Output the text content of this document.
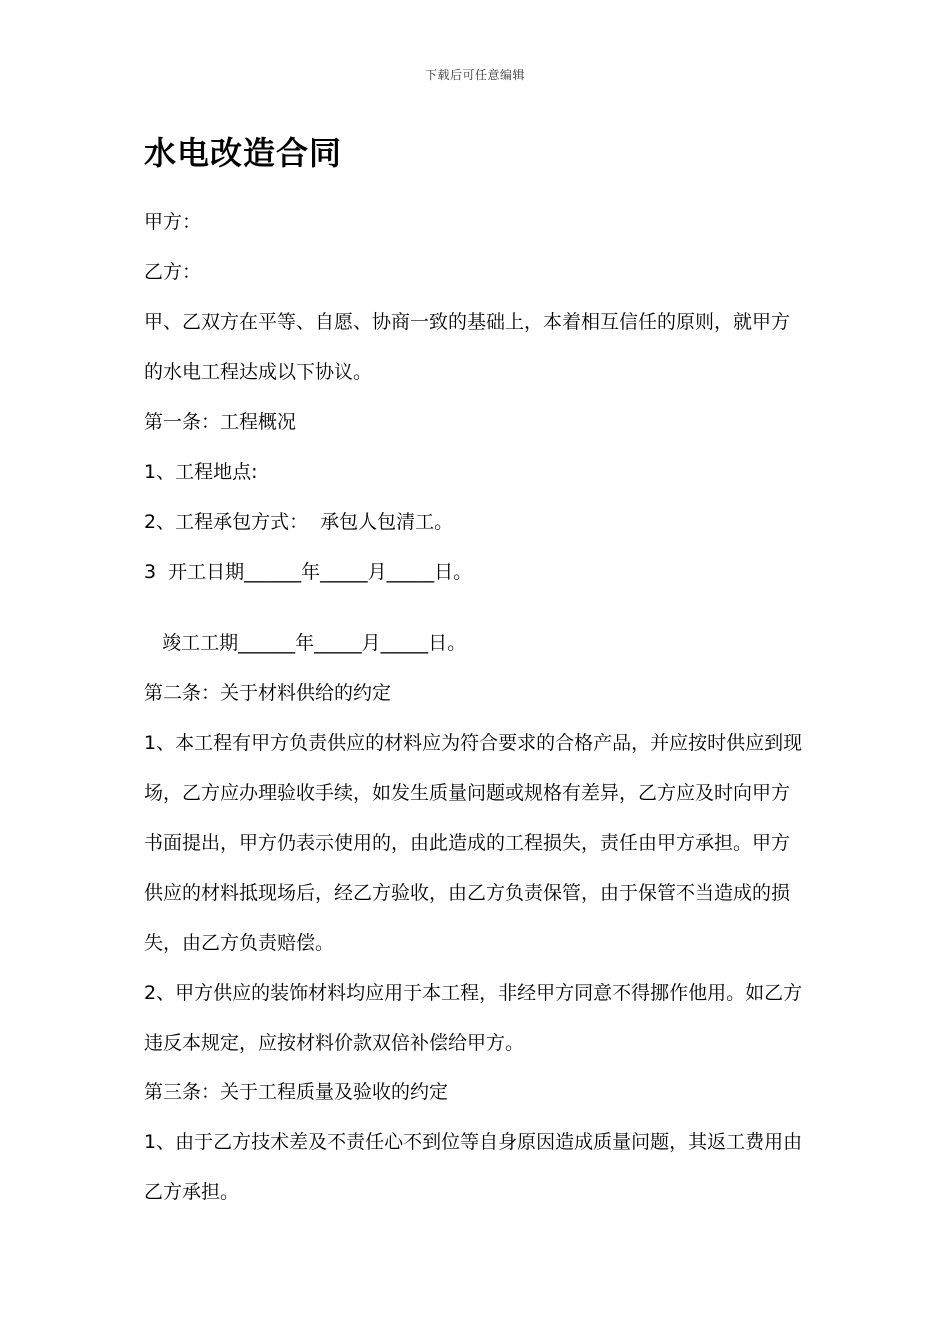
下载后可任意编辑
水电改造合同

甲方：

乙方：

甲、乙双方在平等、自愿、协商一致的基础上，本着相互信任的原则，就甲方

的水电工程达成以下协议。

第一条：工程概况

1、工程地点:

2、工程承包方式：  承包人包清工。

3  开工日期______年_____月_____日。

竣工工期______年_____月_____日。

第二条：关于材料供给的约定

1、本工程有甲方负责供应的材料应为符合要求的合格产品，并应按时供应到现

场，乙方应办理验收手续，如发生质量问题或规格有差异，乙方应及时向甲方

书面提出，甲方仍表示使用的，由此造成的工程损失，责任由甲方承担。甲方

供应的材料抵现场后，经乙方验收，由乙方负责保管，由于保管不当造成的损

失，由乙方负责赔偿。

2、甲方供应的装饰材料均应用于本工程，非经甲方同意不得挪作他用。如乙方

违反本规定，应按材料价款双倍补偿给甲方。

第三条：关于工程质量及验收的约定

1、由于乙方技术差及不责任心不到位等自身原因造成质量问题，其返工费用由

乙方承担。
